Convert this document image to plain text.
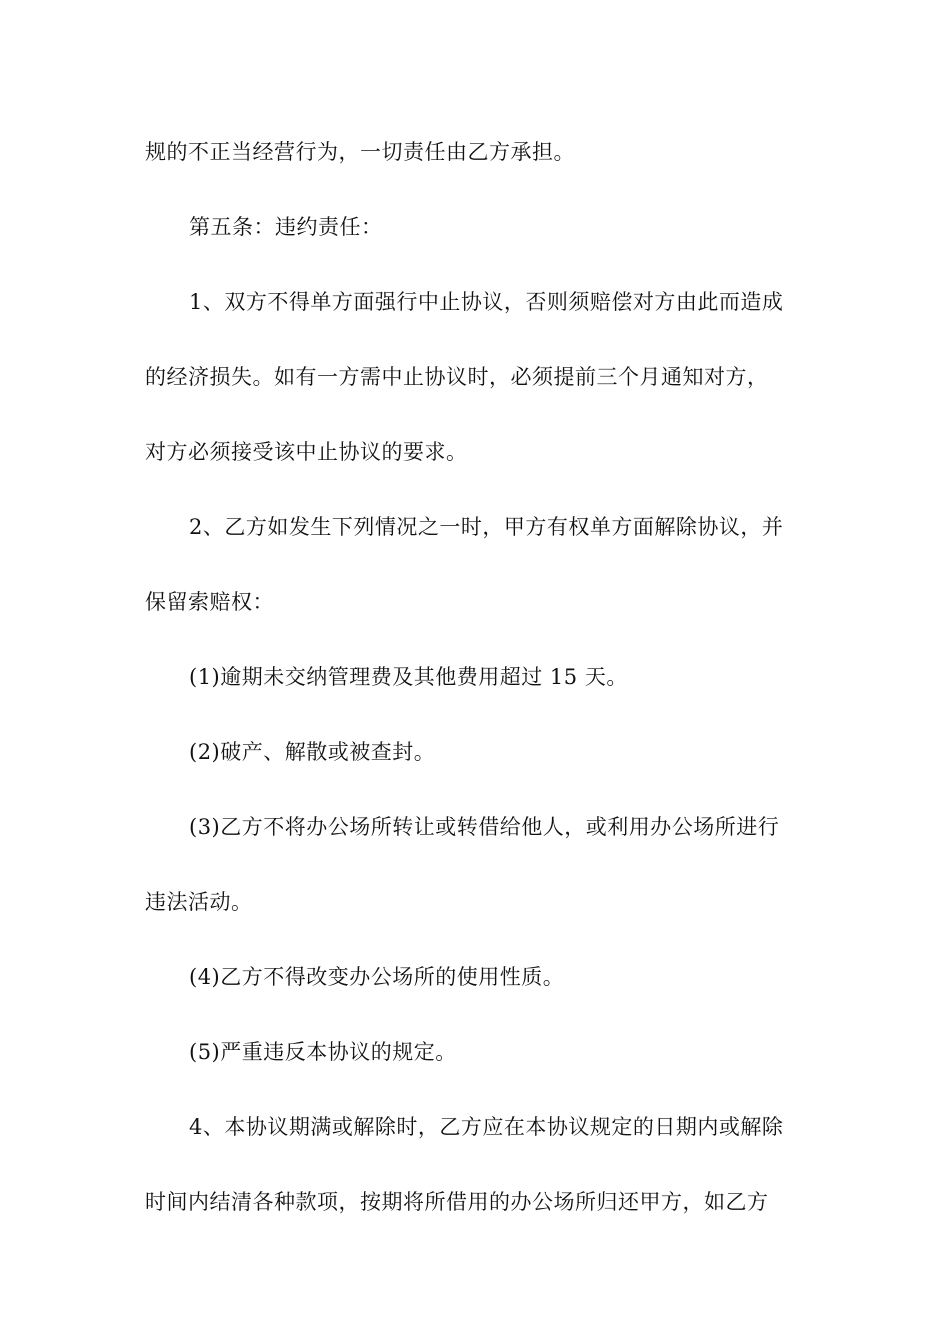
规的不正当经营行为，一切责任由乙方承担。
第五条：违约责任：
1、双方不得单方面强行中止协议，否则须赔偿对方由此而造成
的经济损失。如有一方需中止协议时，必须提前三个月通知对方，
对方必须接受该中止协议的要求。
2、乙方如发生下列情况之一时，甲方有权单方面解除协议，并
保留索赔权：
(1)逾期未交纳管理费及其他费用超过 15 天。
(2)破产、解散或被查封。
(3)乙方不将办公场所转让或转借给他人，或利用办公场所进行
违法活动。
(4)乙方不得改变办公场所的使用性质。
(5)严重违反本协议的规定。
4、本协议期满或解除时，乙方应在本协议规定的日期内或解除
时间内结清各种款项，按期将所借用的办公场所归还甲方，如乙方
